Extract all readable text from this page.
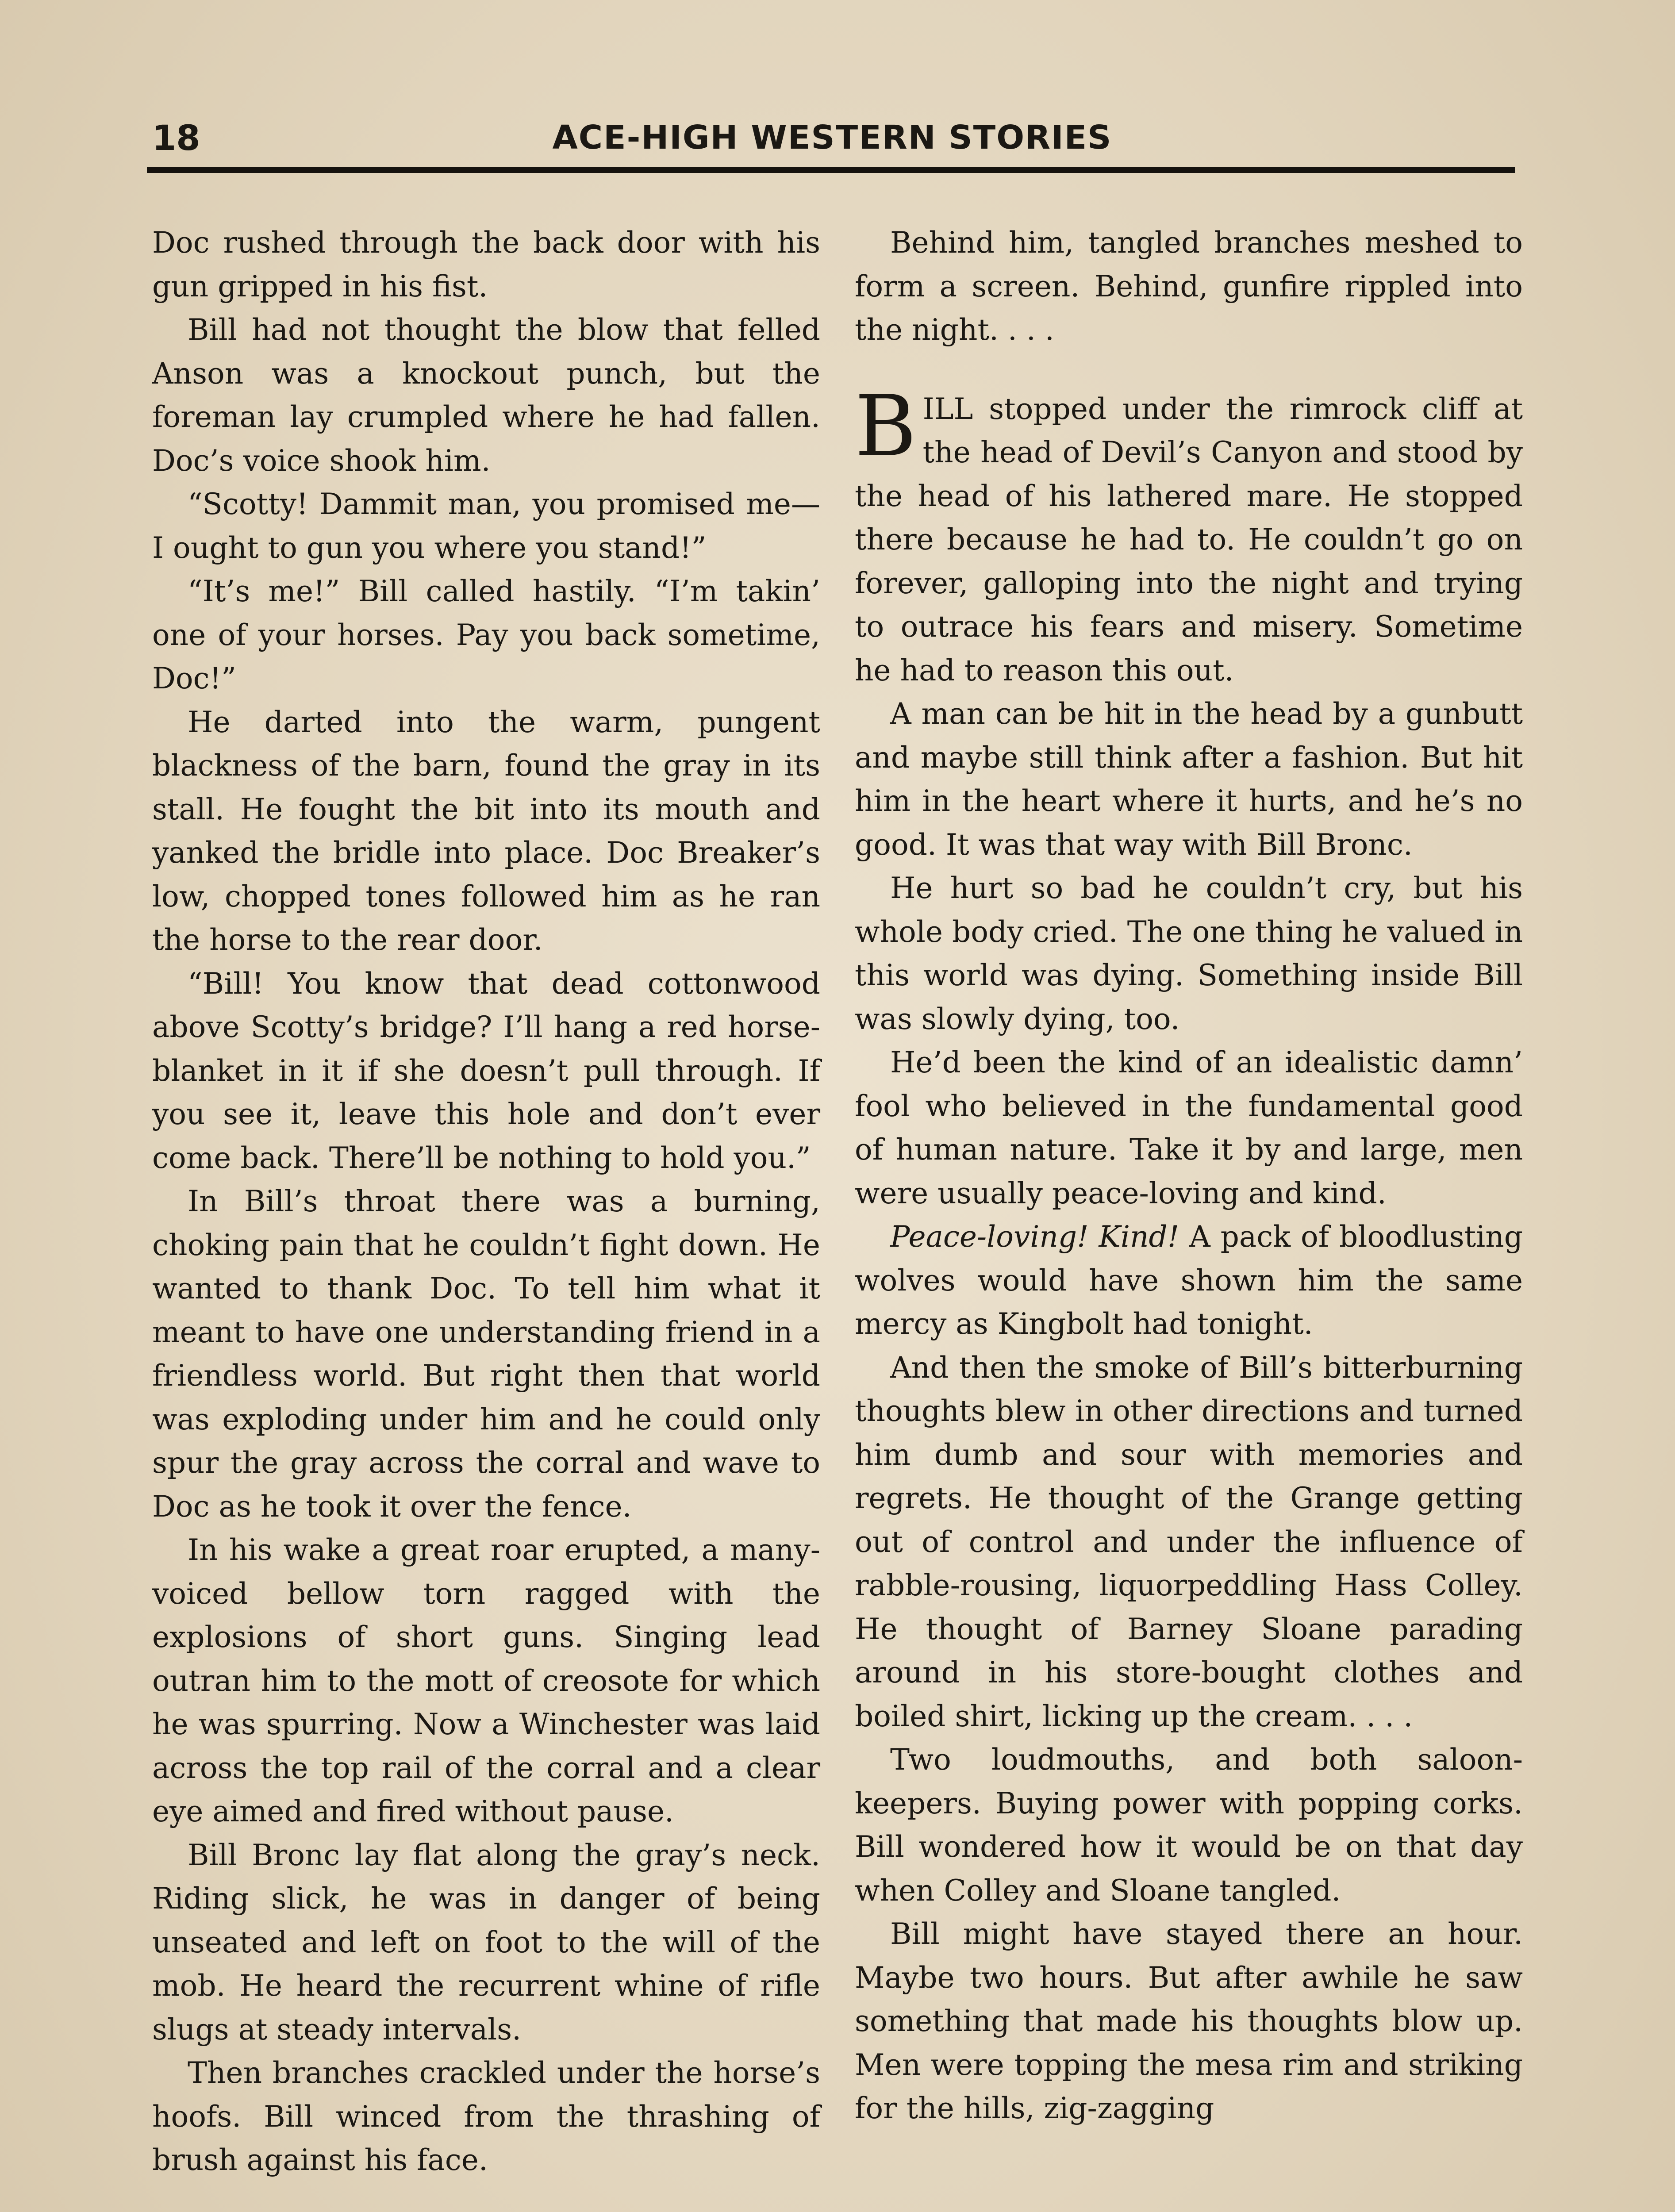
18	ACE-HIGH WESTERN STORIES

Doc rushed through the back door with his gun gripped in his fist.

Bill had not thought the blow that felled Anson was a knockout punch, but the foreman lay crumpled where he had fallen. Doc’s voice shook him.

“Scotty! Dammit man, you promised me— I ought to gun you where you stand!”

“It’s me!” Bill called hastily. “I’m takin’ one of your horses. Pay you back sometime, Doc!”

He darted into the warm, pungent blackness of the barn, found the gray in its stall. He fought the bit into its mouth and yanked the bridle into place. Doc Breaker’s low, chopped tones followed him as he ran the horse to the rear door.

“Bill! You know that dead cottonwood above Scotty’s bridge? I’ll hang a red horse-blanket in it if she doesn’t pull through. If you see it, leave this hole and don’t ever come back. There’ll be nothing to hold you.”

In Bill’s throat there was a burning, choking pain that he couldn’t fight down. He wanted to thank Doc. To tell him what it meant to have one understanding friend in a friendless world. But right then that world was exploding under him and he could only spur the gray across the corral and wave to Doc as he took it over the fence.

In his wake a great roar erupted, a many-voiced bellow torn ragged with the explosions of short guns. Singing lead outran him to the mott of creosote for which he was spurring. Now a Winchester was laid across the top rail of the corral and a clear eye aimed and fired without pause.

Bill Bronc lay flat along the gray’s neck. Riding slick, he was in danger of being unseated and left on foot to the will of the mob. He heard the recurrent whine of rifle slugs at steady intervals.

Then branches crackled under the horse’s hoofs. Bill winced from the thrashing of brush against his face.

Behind him, tangled branches meshed to form a screen. Behind, gunfire rippled into the night. . . .

BILL stopped under the rimrock cliff at the head of Devil’s Canyon and stood by the head of his lathered mare. He stopped there because he had to. He couldn’t go on forever, galloping into the night and trying to outrace his fears and misery. Sometime he had to reason this out.

A man can be hit in the head by a gunbutt and maybe still think after a fashion. But hit him in the heart where it hurts, and he’s no good. It was that way with Bill Bronc.

He hurt so bad he couldn’t cry, but his whole body cried. The one thing he valued in this world was dying. Something inside Bill was slowly dying, too.

He’d been the kind of an idealistic damn’ fool who believed in the fundamental good of human nature. Take it by and large, men were usually peace-loving and kind.

Peace-loving! Kind! A pack of bloodlusting wolves would have shown him the same mercy as Kingbolt had tonight.

And then the smoke of Bill’s bitterburning thoughts blew in other directions and turned him dumb and sour with memories and regrets. He thought of the Grange getting out of control and under the influence of rabble-rousing, liquorpeddling Hass Colley. He thought of Barney Sloane parading around in his store-bought clothes and boiled shirt, licking up the cream. . . .

Two loudmouths, and both saloon-keepers. Buying power with popping corks. Bill wondered how it would be on that day when Colley and Sloane tangled.

Bill might have stayed there an hour. Maybe two hours. But after awhile he saw something that made his thoughts blow up. Men were topping the mesa rim and striking for the hills, zig-zagging
